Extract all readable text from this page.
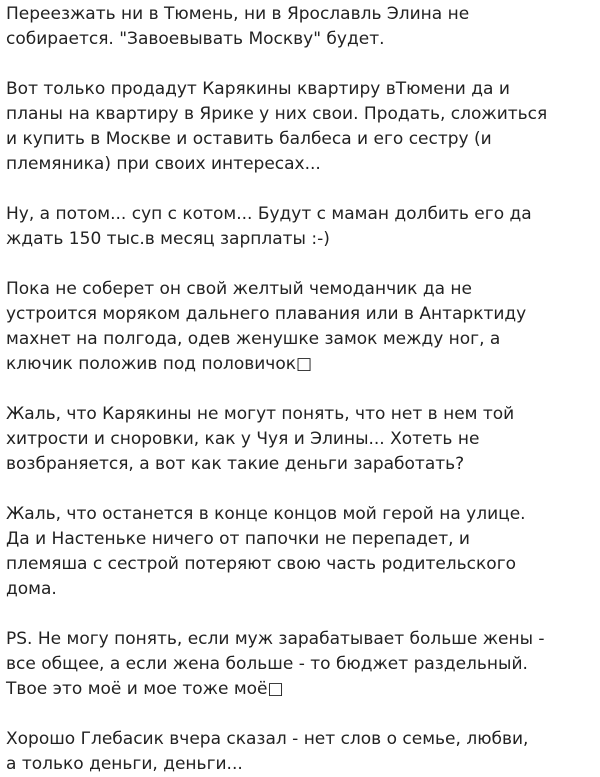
Переезжать ни в Тюмень, ни в Ярославль Элина не
собирается. "Завоевывать Москву" будет.

Вот только продадут Карякины квартиру вТюмени да и
планы на квартиру в Ярике у них свои. Продать, сложиться
и купить в Москве и оставить балбеса и его сестру (и
племяника) при своих интересах...

Ну, а потом... суп с котом... Будут с маман долбить его да
ждать 150 тыс.в месяц зарплаты :-)

Пока не соберет он свой желтый чемоданчик да не
устроится моряком дальнего плавания или в Антарктиду
махнет на полгода, одев женушке замок между ног, а
ключик положив под половичок□

Жаль, что Карякины не могут понять, что нет в нем той
хитрости и сноровки, как у Чуя и Элины... Хотеть не
возбраняется, а вот как такие деньги заработать?

Жаль, что останется в конце концов мой герой на улице.
Да и Настеньке ничего от папочки не перепадет, и
племяша с сестрой потеряют свою часть родительского
дома.

PS. Не могу понять, если муж зарабатывает больше жены -
все общее, а если жена больше - то бюджет раздельный.
Твое это моё и мое тоже моё□

Хорошо Глебасик вчера сказал - нет слов о семье, любви,
а только деньги, деньги...
